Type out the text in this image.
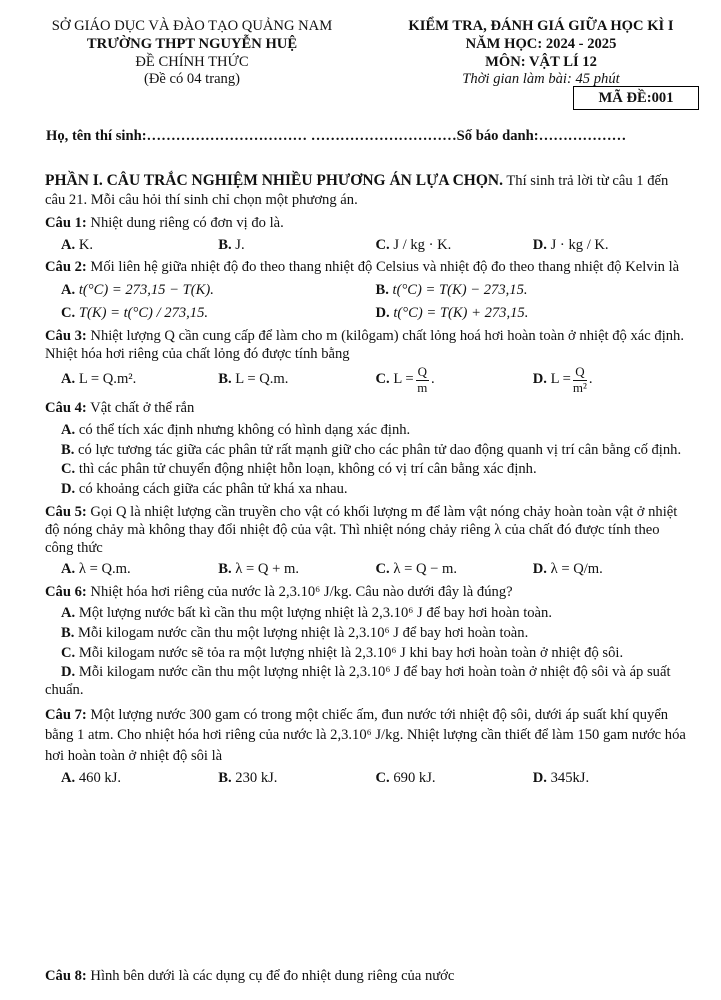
SỞ GIÁO DỤC VÀ ĐÀO TẠO QUẢNG NAM
TRƯỜNG THPT NGUYỄN HUỆ
ĐỀ CHÍNH THỨC
(Đề có 04 trang)
KIỂM TRA, ĐÁNH GIÁ GIỮA HỌC KÌ I
NĂM HỌC: 2024 - 2025
MÔN: VẬT LÍ 12
Thời gian làm bài: 45 phút
MÃ ĐỀ:001
Họ, tên thí sinh:…………………………… …………………………Số báo danh:………………

PHẦN I. CÂU TRẮC NGHIỆM NHIỀU PHƯƠNG ÁN LỰA CHỌN. Thí sinh trả lời từ câu 1 đến câu 21. Mỗi câu hỏi thí sinh chỉ chọn một phương án.

Câu 1: Nhiệt dung riêng có đơn vị đo là.

A. K.	B. J.	C. J / kg · K.	D. J · kg / K.

Câu 2: Mối liên hệ giữa nhiệt độ đo theo thang nhiệt độ Celsius và nhiệt độ đo theo thang nhiệt độ Kelvin là

A. t(°C) = 273,15 − T(K).	B. t(°C) = T(K) − 273,15.
C. T(K) = t(°C) / 273,15.	D. t(°C) = T(K) + 273,15.

Câu 3: Nhiệt lượng Q cần cung cấp để làm cho m (kilôgam) chất lỏng hoá hơi hoàn toàn ở nhiệt độ xác định. Nhiệt hóa hơi riêng của chất lỏng đó được tính bằng

A. L = Q.m².	B. L = Q.m.	C. $L = \frac{Q}{m}$ .	D. $L = \frac{Q}{\text{m²}}$ .

Câu 4: Vật chất ở thể rắn

A. có thể tích xác định nhưng không có hình dạng xác định.

B. có lực tương tác giữa các phân tử rất mạnh giữ cho các phân tử dao động quanh vị trí cân bằng cố định.

C. thì các phân tử chuyển động nhiệt hỗn loạn, không có vị trí cân bằng xác định.

D. có khoảng cách giữa các phân tử khá xa nhau.

Câu 5: Gọi Q là nhiệt lượng cần truyền cho vật có khối lượng m để làm vật nóng chảy hoàn toàn vật ở nhiệt độ nóng chảy mà không thay đổi nhiệt độ của vật. Thì nhiệt nóng chảy riêng λ của chất đó được tính theo công thức

A. λ = Q.m.	B. λ = Q + m.	C. λ = Q − m.	D. λ = Q/m.

Câu 6: Nhiệt hóa hơi riêng của nước là 2,3.10⁶ J/kg. Câu nào dưới đây là đúng?

A. Một lượng nước bất kì cần thu một lượng nhiệt là 2,3.10⁶ J để bay hơi hoàn toàn.

B. Mỗi kilogam nước cần thu một lượng nhiệt là 2,3.10⁶ J để bay hơi hoàn toàn.

C. Mỗi kilogam nước sẽ tỏa ra một lượng nhiệt là 2,3.10⁶ J khi bay hơi hoàn toàn ở nhiệt độ sôi.

D. Mỗi kilogam nước cần thu một lượng nhiệt là 2,3.10⁶ J để bay hơi hoàn toàn ở nhiệt độ sôi và áp suất chuẩn.

Câu 7: Một lượng nước 300 gam có trong một chiếc ấm, đun nước tới nhiệt độ sôi, dưới áp suất khí quyển bằng 1 atm. Cho nhiệt hóa hơi riêng của nước là 2,3.10⁶ J/kg. Nhiệt lượng cần thiết để làm 150 gam nước hóa hơi hoàn toàn ở nhiệt độ sôi là

A. 460 kJ.	B. 230 kJ.	C. 690 kJ.	D. 345kJ.

Câu 8: Hình bên dưới là các dụng cụ để đo nhiệt dung riêng của nước
